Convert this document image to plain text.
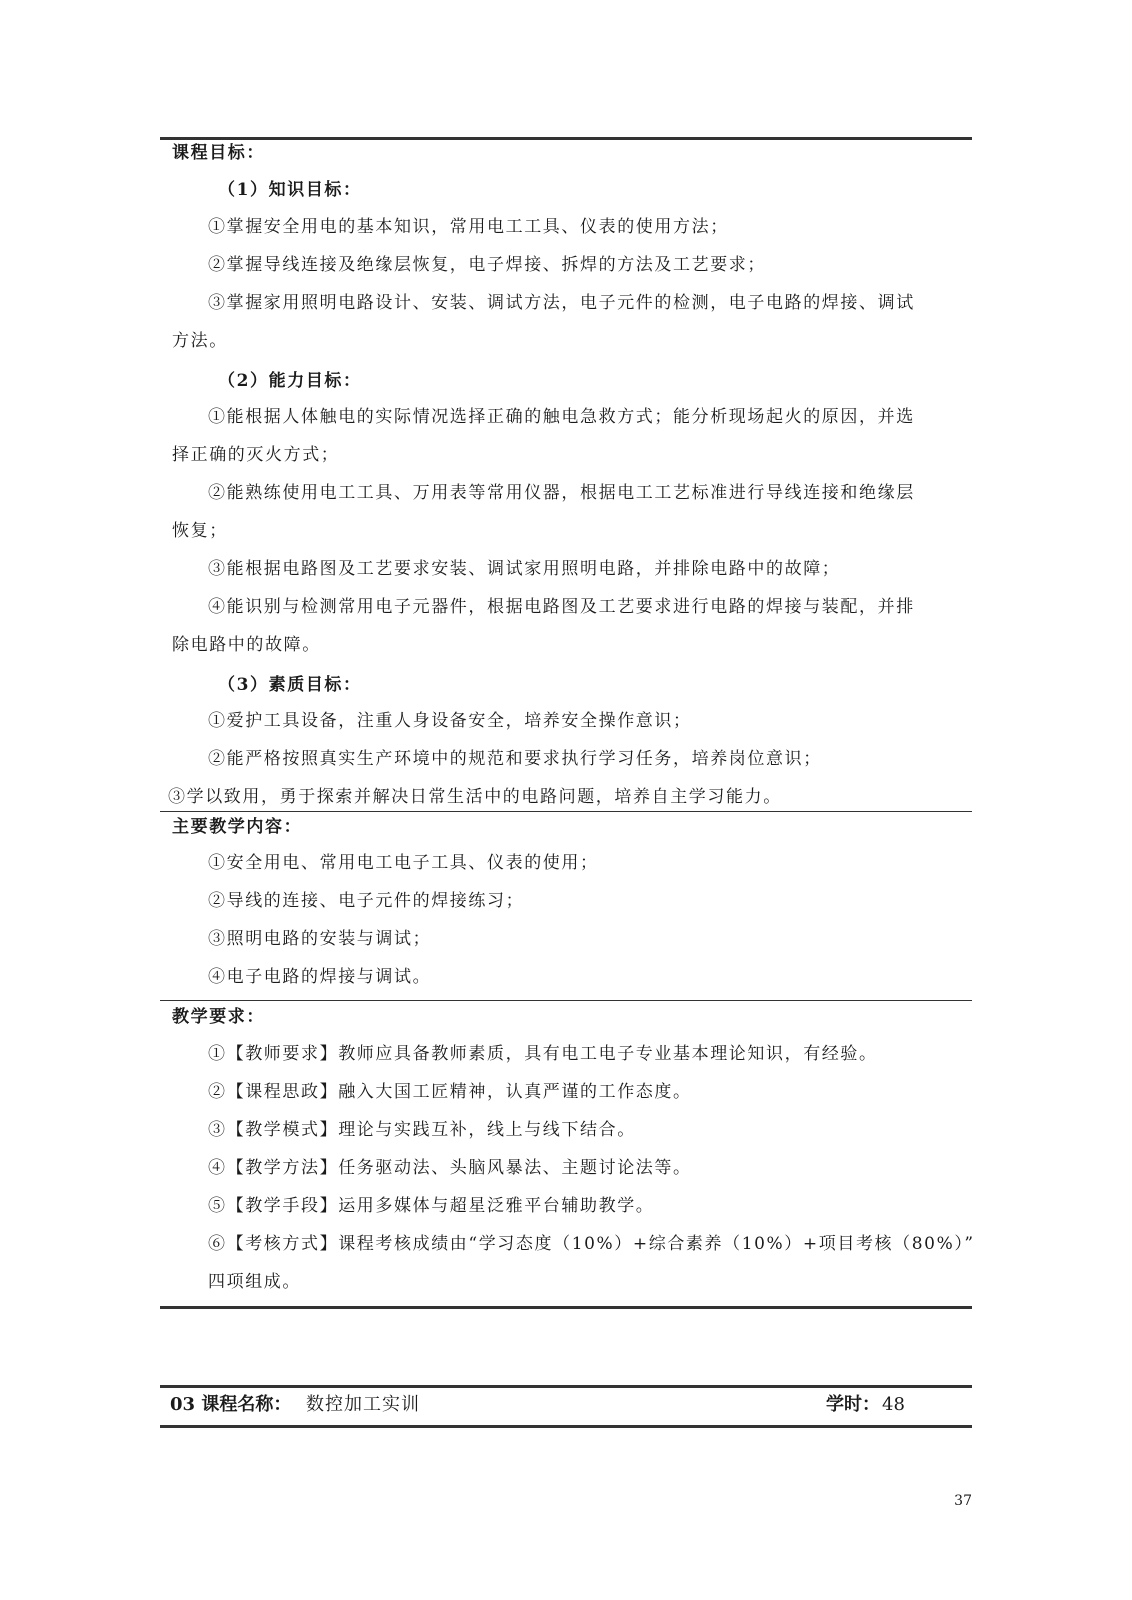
课程目标：
（1）知识目标：
①掌握安全用电的基本知识，常用电工工具、仪表的使用方法；
②掌握导线连接及绝缘层恢复，电子焊接、拆焊的方法及工艺要求；
③掌握家用照明电路设计、安装、调试方法，电子元件的检测，电子电路的焊接、调试
方法。
（2）能力目标：
①能根据人体触电的实际情况选择正确的触电急救方式；能分析现场起火的原因，并选
择正确的灭火方式；
②能熟练使用电工工具、万用表等常用仪器，根据电工工艺标准进行导线连接和绝缘层
恢复；
③能根据电路图及工艺要求安装、调试家用照明电路，并排除电路中的故障；
④能识别与检测常用电子元器件，根据电路图及工艺要求进行电路的焊接与装配，并排
除电路中的故障。
（3）素质目标：
①爱护工具设备，注重人身设备安全，培养安全操作意识；
②能严格按照真实生产环境中的规范和要求执行学习任务，培养岗位意识；
③学以致用，勇于探索并解决日常生活中的电路问题，培养自主学习能力。
主要教学内容：
①安全用电、常用电工电子工具、仪表的使用；
②导线的连接、电子元件的焊接练习；
③照明电路的安装与调试；
④电子电路的焊接与调试。
教学要求：
①【教师要求】教师应具备教师素质，具有电工电子专业基本理论知识，有经验。
②【课程思政】融入大国工匠精神，认真严谨的工作态度。
③【教学模式】理论与实践互补，线上与线下结合。
④【教学方法】任务驱动法、头脑风暴法、主题讨论法等。
⑤【教学手段】运用多媒体与超星泛雅平台辅助教学。
⑥【考核方式】课程考核成绩由“学习态度（10%）+综合素养（10%）+项目考核（80%）”
四项组成。
03 课程名称： 数控加工实训	学时： 48
37
